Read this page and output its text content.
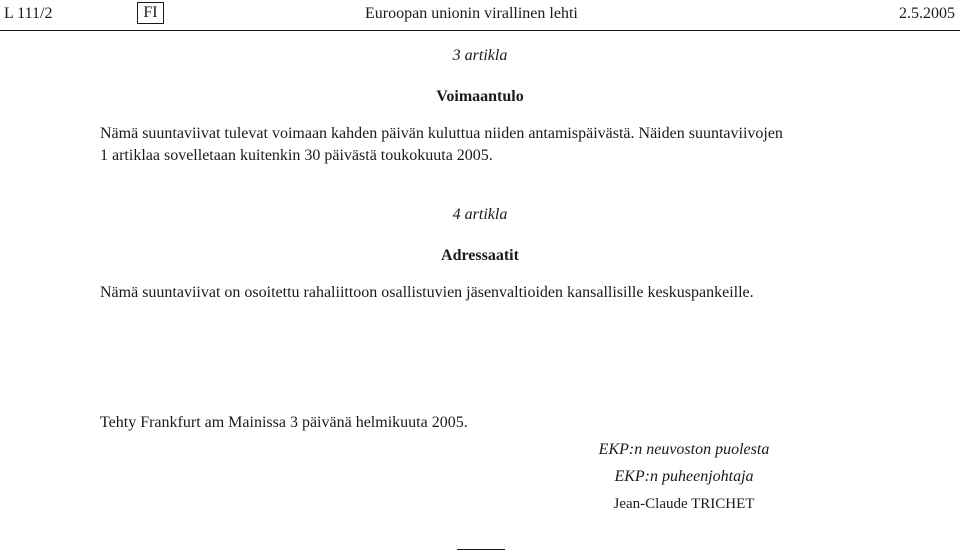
L 111/2	FI	Euroopan unionin virallinen lehti	2.5.2005
3 artikla
Voimaantulo
Nämä suuntaviivat tulevat voimaan kahden päivän kuluttua niiden antamispäivästä. Näiden suuntaviivojen
1 artiklaa sovelletaan kuitenkin 30 päivästä toukokuuta 2005.
4 artikla
Adressaatit
Nämä suuntaviivat on osoitettu rahaliittoon osallistuvien jäsenvaltioiden kansallisille keskuspankeille.
Tehty Frankfurt am Mainissa 3 päivänä helmikuuta 2005.
EKP:n neuvoston puolesta
EKP:n puheenjohtaja
Jean-Claude TRICHET
